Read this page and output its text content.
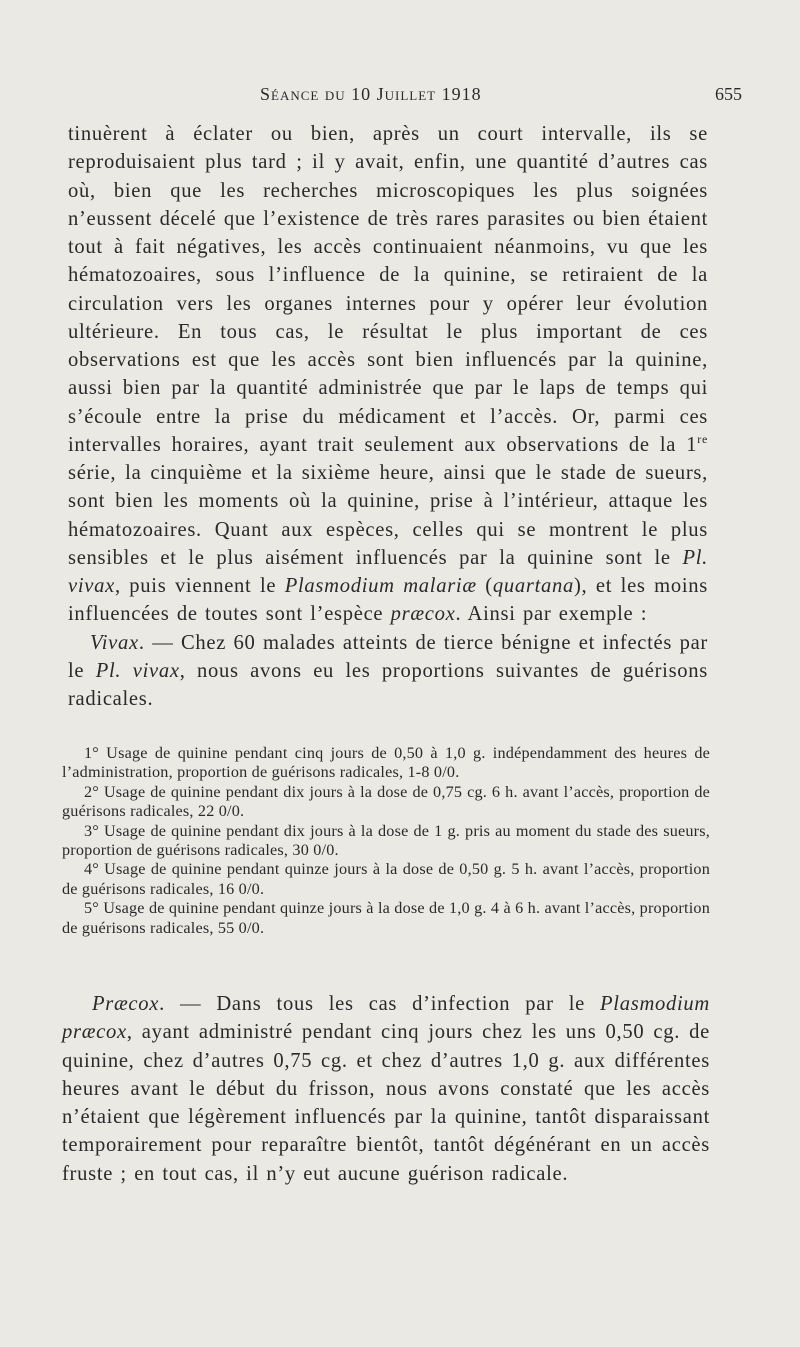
Séance du 10 Juillet 1918	655

tinuèrent à éclater ou bien, après un court intervalle, ils se reproduisaient plus tard ; il y avait, enfin, une quantité d’autres cas où, bien que les recherches microscopiques les plus soignées n’eussent décelé que l’existence de très rares parasites ou bien étaient tout à fait négatives, les accès continuaient néanmoins, vu que les hématozoaires, sous l’influence de la quinine, se retiraient de la circulation vers les organes internes pour y opérer leur évolution ultérieure. En tous cas, le résultat le plus important de ces observations est que les accès sont bien influencés par la quinine, aussi bien par la quantité administrée que par le laps de temps qui s’écoule entre la prise du médicament et l’accès. Or, parmi ces intervalles horaires, ayant trait seulement aux observations de la 1re série, la cinquième et la sixième heure, ainsi que le stade de sueurs, sont bien les moments où la quinine, prise à l’intérieur, attaque les hématozoaires. Quant aux espèces, celles qui se montrent le plus sensibles et le plus aisément influencés par la quinine sont le Pl. vivax, puis viennent le Plasmodium malariæ (quartana), et les moins influencées de toutes sont l’espèce præcox. Ainsi par exemple :

Vivax. — Chez 60 malades atteints de tierce bénigne et infectés par le Pl. vivax, nous avons eu les proportions suivantes de guérisons radicales.

1° Usage de quinine pendant cinq jours de 0,50 à 1,0 g. indépendamment des heures de l’administration, proportion de guérisons radicales, 1-8 0/0.

2° Usage de quinine pendant dix jours à la dose de 0,75 cg. 6 h. avant l’accès, proportion de guérisons radicales, 22 0/0.

3° Usage de quinine pendant dix jours à la dose de 1 g. pris au moment du stade des sueurs, proportion de guérisons radicales, 30 0/0.

4° Usage de quinine pendant quinze jours à la dose de 0,50 g. 5 h. avant l’accès, proportion de guérisons radicales, 16 0/0.

5° Usage de quinine pendant quinze jours à la dose de 1,0 g. 4 à 6 h. avant l’accès, proportion de guérisons radicales, 55 0/0.

Præcox. — Dans tous les cas d’infection par le Plasmodium præcox, ayant administré pendant cinq jours chez les uns 0,50 cg. de quinine, chez d’autres 0,75 cg. et chez d’autres 1,0 g. aux différentes heures avant le début du frisson, nous avons constaté que les accès n’étaient que légèrement influencés par la quinine, tantôt disparaissant temporairement pour reparaître bientôt, tantôt dégénérant en un accès fruste ; en tout cas, il n’y eut aucune guérison radicale.
